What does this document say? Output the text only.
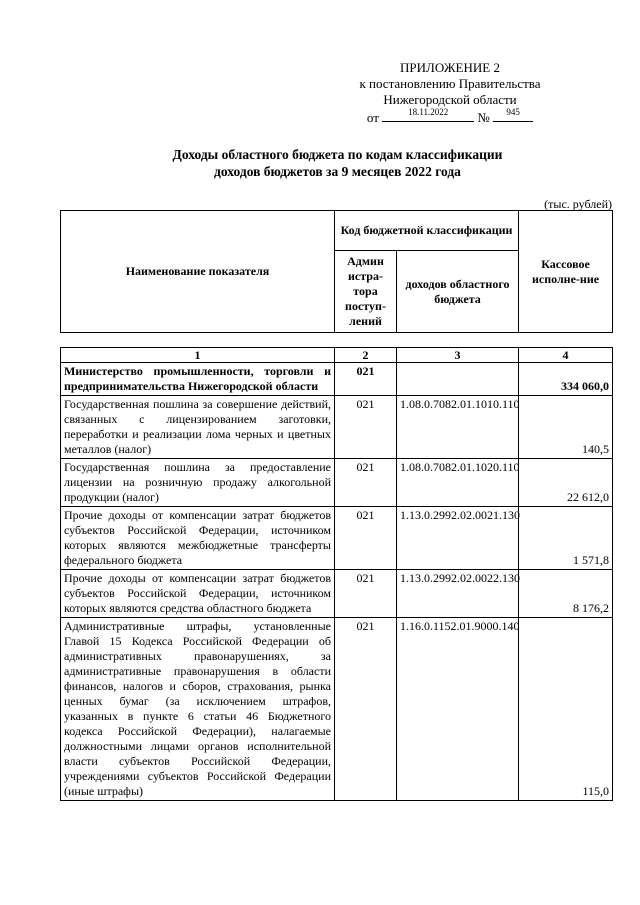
ПРИЛОЖЕНИЕ 2
к постановлению Правительства
Нижегородской области
от	18.11.2022	№	945
Доходы областного бюджета по кодам классификации
доходов бюджетов за 9 месяцев 2022 года
(тыс. рублей)
Наименование показателя	Код бюджетной классификации		Кассовое исполне-ние
	Админ истра-тора поступ-лений	доходов областного бюджета	
1	2	3	4
Министерство промышленности, торговли и предпринимательства Нижегородской области	021		334 060,0
Государственная пошлина за совершение действий, связанных с лицензированием заготовки, переработки и реализации лома черных и цветных металлов (налог)	021	1.08.0.7082.01.1010.110	140,5
Государственная пошлина за предоставление лицензии на розничную продажу алкогольной продукции (налог)	021	1.08.0.7082.01.1020.110	22 612,0
Прочие доходы от компенсации затрат бюджетов субъектов Российской Федерации, источником которых являются межбюджетные трансферты федерального бюджета	021	1.13.0.2992.02.0021.130	1 571,8
Прочие доходы от компенсации затрат бюджетов субъектов Российской Федерации, источником которых являются средства областного бюджета	021	1.13.0.2992.02.0022.130	8 176,2
Административные штрафы, установленные Главой 15 Кодекса Российской Федерации об административных правонарушениях, за административные правонарушения в области финансов, налогов и сборов, страхования, рынка ценных бумаг (за исключением штрафов, указанных в пункте 6 статьи 46 Бюджетного кодекса Российской Федерации), налагаемые должностными лицами органов исполнительной власти субъектов Российской Федерации, учреждениями субъектов Российской Федерации (иные штрафы)	021	1.16.0.1152.01.9000.140	115,0
